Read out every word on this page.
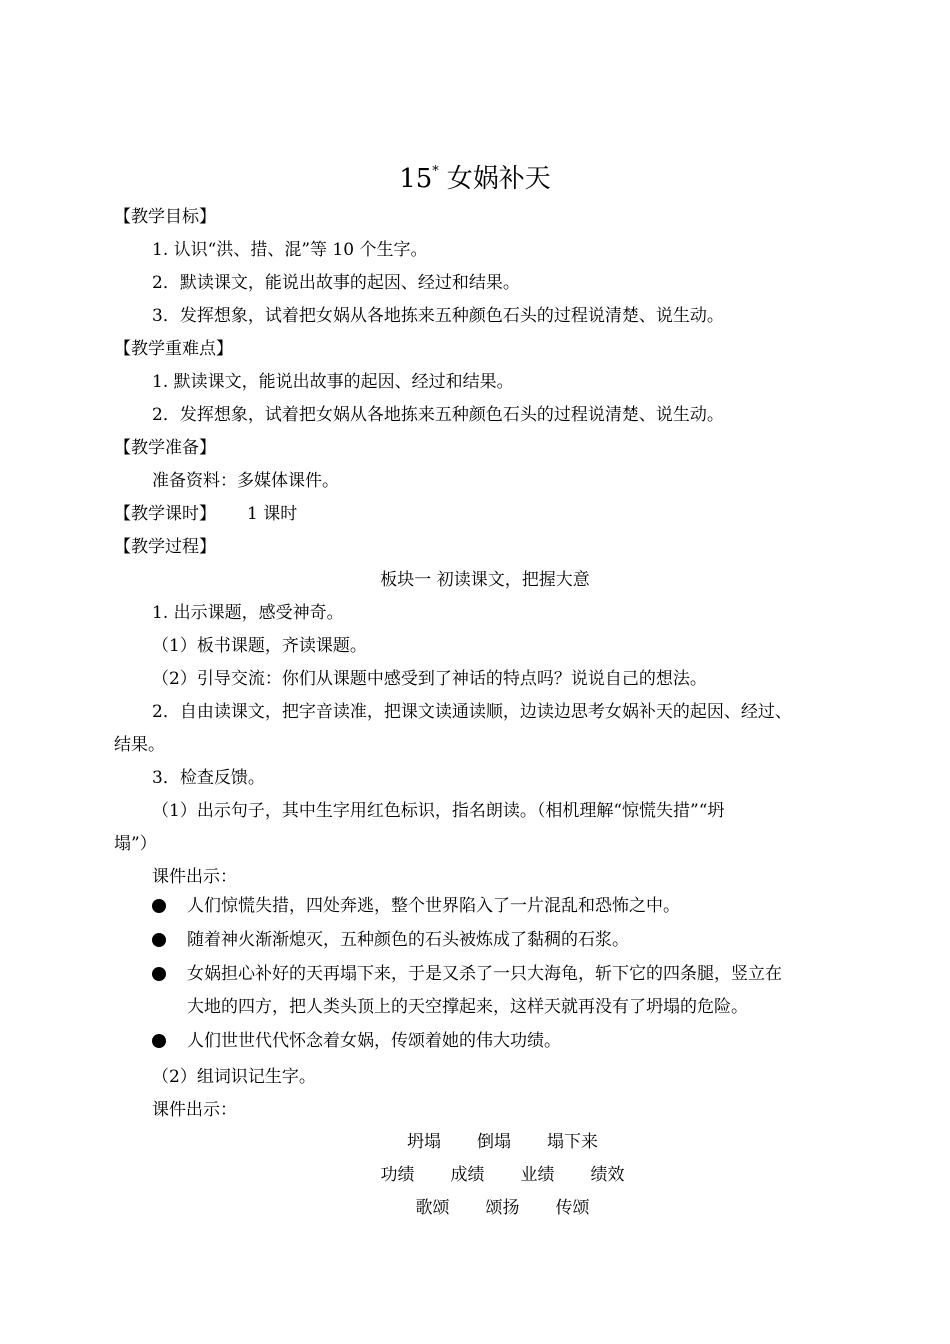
15* 女娲补天
【教学目标】
1. 认识“洪、措、混”等 10 个生字。
2．默读课文，能说出故事的起因、经过和结果。
3．发挥想象，试着把女娲从各地拣来五种颜色石头的过程说清楚、说生动。
【教学重难点】
1. 默读课文，能说出故事的起因、经过和结果。
2．发挥想象，试着把女娲从各地拣来五种颜色石头的过程说清楚、说生动。
【教学准备】
准备资料：多媒体课件。
【教学课时】 1 课时
【教学过程】
板块一 初读课文，把握大意
1. 出示课题，感受神奇。
（1）板书课题，齐读课题。
（2）引导交流：你们从课题中感受到了神话的特点吗？说说自己的想法。
2．自由读课文，把字音读准，把课文读通读顺，边读边思考女娲补天的起因、经过、
结果。
3．检查反馈。
（1）出示句子，其中生字用红色标识，指名朗读。（相机理解“惊慌失措”“坍
塌”）
课件出示：
人们惊慌失措，四处奔逃，整个世界陷入了一片混乱和恐怖之中。
随着神火渐渐熄灭，五种颜色的石头被炼成了黏稠的石浆。
女娲担心补好的天再塌下来，于是又杀了一只大海龟，斩下它的四条腿，竖立在
大地的四方，把人类头顶上的天空撑起来，这样天就再没有了坍塌的危险。
人们世世代代怀念着女娲，传颂着她的伟大功绩。
（2）组词识记生字。
课件出示：
坍塌 倒塌 塌下来
功绩 成绩 业绩 绩效
歌颂 颂扬 传颂
